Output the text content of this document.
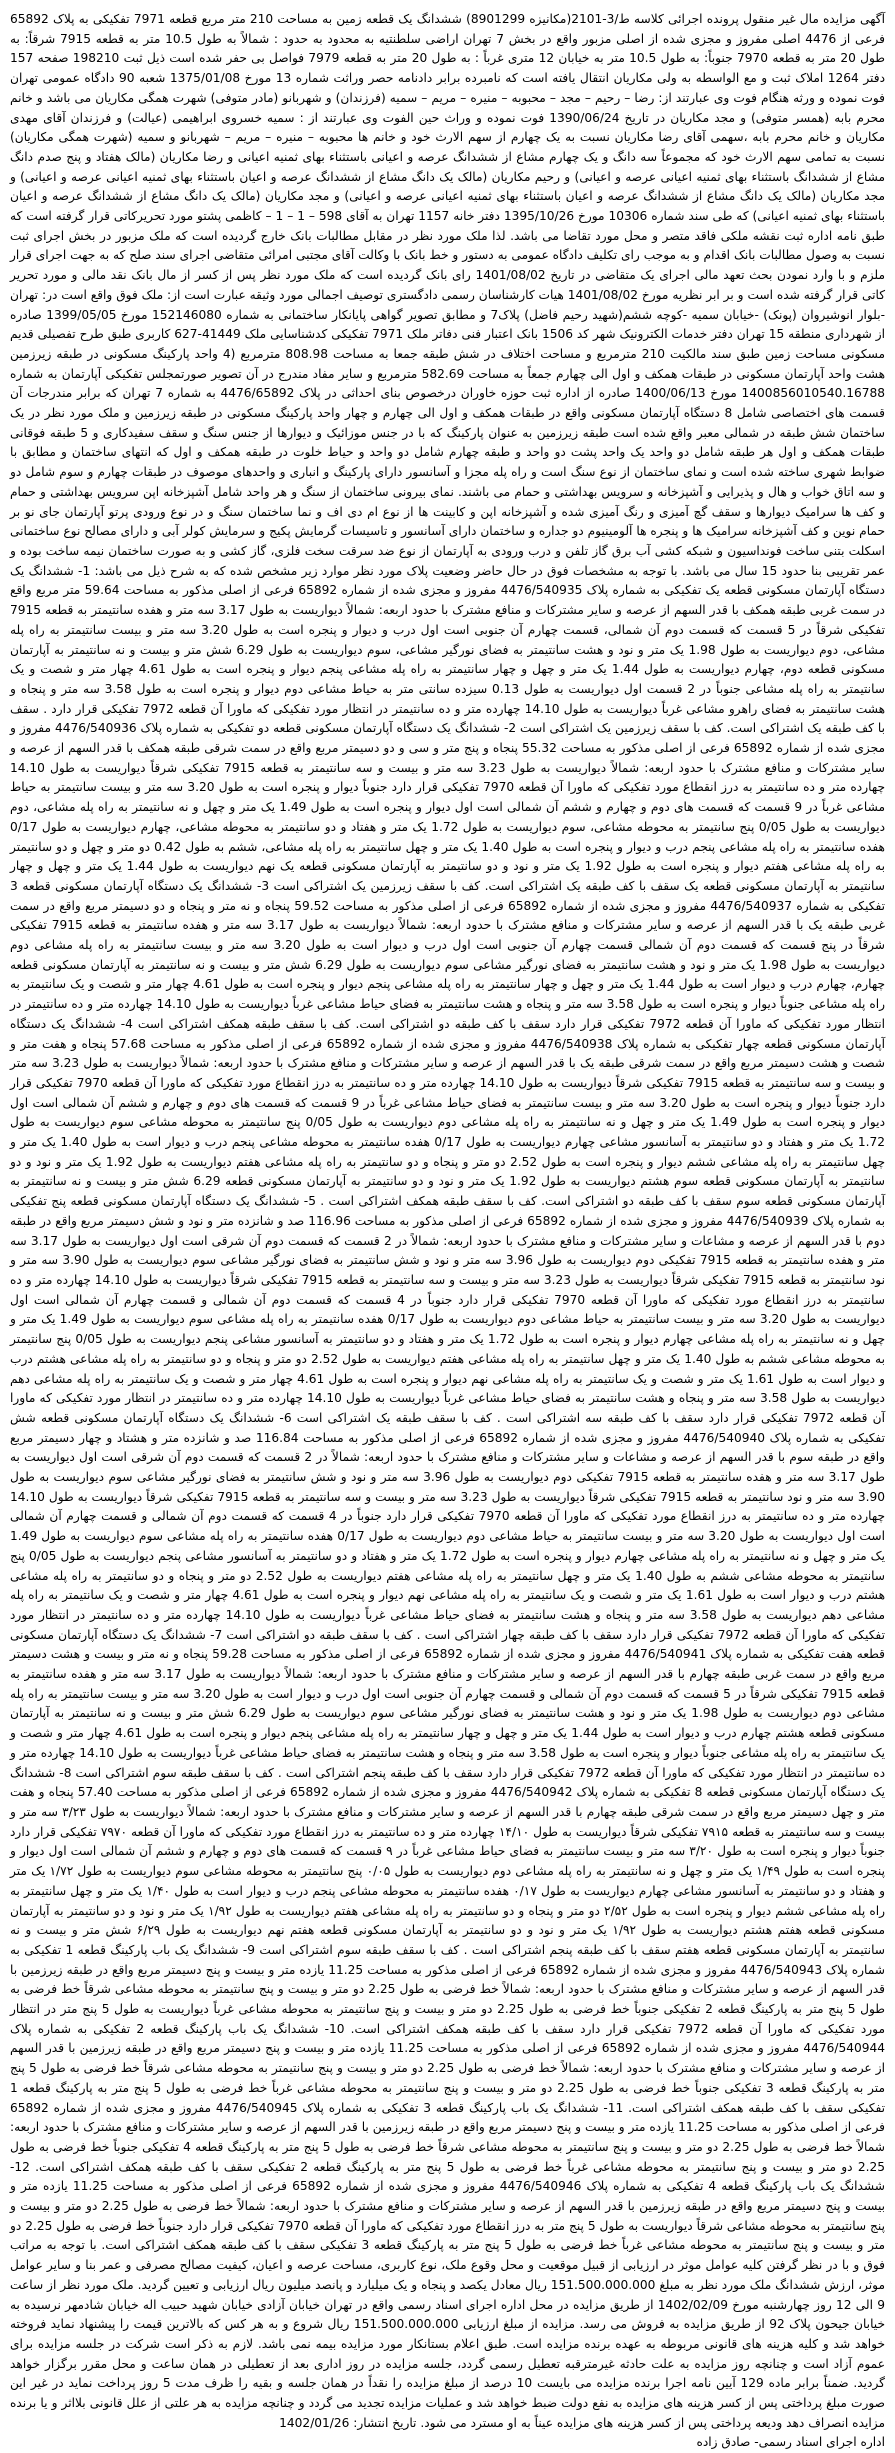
آگهی مزایده مال غیر منقول پرونده اجرائی کلاسه ط/3-2101(مکانیزه 8901299) ششدانگ یک قطعه زمین به مساحت 210 متر مربع قطعه 7971 تفکیکی به پلاک 65892 فرعی از 4476 اصلی مفروز و مجزی شده از اصلی مزبور واقع در بخش 7 تهران اراضی سلطنتیه به محدود به حدود : شمالاً به طول 10.5 متر به قطعه 7915 شرقاً: به طول 20 متر به قطعه 7970 جنوباً: به طول 10.5 متر به خیابان 12 متری غرباً : به طول 20 متر به قطعه 7979 فواصل بی حفر شده است ذیل ثبت 198210 صفحه 157 دفتر 1264 املاک ثبت و مع الواسطه به ولی مکاریان انتقال یافته است که نامبرده برابر دادنامه حصر وراثت شماره 13 مورخ 1375/01/08 شعبه 90 دادگاه عمومی تهران فوت نموده و ورثه هنگام فوت وی عبارتند از: رضا – رحیم – مجد – محبوبه – منیره – مریم – سمیه (فرزندان) و شهربانو (مادر متوفی) شهرت همگی مکاریان می باشد و خانم محرم بابه (همسر متوفی) و مجد مکاریان در تاریخ 1390/06/24 فوت نموده و وراث حین الفوت وی عبارتند از : سمیه خسروی ابراهیمی (عیالت) و فرزندان آقای مهدی مکاریان و خانم محرم بابه ،سهمی آقای رضا مکاریان نسبت به یک چهارم از سهم الارث خود و خانم ها محبوبه – منیره – مریم – شهربانو و سمیه (شهرت همگی مکاریان) نسبت به تمامی سهم الارث خود که مجموعاً سه دانگ و یک چهارم مشاع از ششدانگ عرصه و اعیانی باستثناء بهای ثمنیه اعیانی و رضا مکاریان (مالک هفتاد و پنج صدم دانگ مشاع از ششدانگ باستثناء بهای ثمنیه اعیانی عرصه و اعیانی) و رحیم مکاریان (مالک یک دانگ مشاع از ششدانگ عرصه و اعیان باستثناء بهای ثمنیه اعیانی عرصه و اعیانی) و مجد مکاریان (مالک یک دانگ مشاع از ششدانگ عرصه و اعیان باستثناء بهای ثمنیه اعیانی عرصه و اعیانی) و مجد مکاریان (مالک یک دانگ مشاع از ششدانگ عرصه و اعیان باستثناء بهای ثمنیه اعیانی) که طی سند شماره 10306 مورخ 1395/10/26 دفتر خانه 1157 تهران به آقای 598 – 1 – 1 – کاظمی پشتو مورد تحریرکاتی قرار گرفته است که طبق نامه اداره ثبت نقشه ملکی فاقد متصر و محل مورد تقاضا می باشد. لذا ملک مورد نظر در مقابل مطالبات بانک خارج گردیده است که ملک مزبور در بخش اجرای ثبت نسبت به وصول مطالبات بانک اقدام و به موجب رای تکلیف دادگاه عمومی به دستور و خط بانک با وکالت آقای مجتبی امرائی متقاضی اجرای سند صلح که به جهت اجرای قرار ملزم و با وارد نمودن بحث تعهد مالی اجرای یک متقاضی در تاریخ 1401/08/02 رای بانک گردیده است که ملک مورد نظر پس از کسر از مال بانک نقد مالی و مورد تحریر کاتی قرار گرفته شده است و بر ابر نظریه مورخ 1401/08/02 هیات کارشناسان رسمی دادگستری توصیف اجمالی مورد وثیقه عبارت است از: ملک فوق واقع است در: تهران -بلوار انوشیروان (پونک) -خیابان سمیه -کوچه ششم(شهید رحیم فاضل) پلاک7 و مطابق تصویر گواهی پایانکار ساختمانی به شماره 152146080 مورخ 1399/05/05 صادره از شهرداری منطقه 15 تهران دفتر خدمات الکترونیک شهر کد 1506 بانک اعتبار فنی دفاتر ملک 7971 تفکیکی کدشناسایی ملک 41449-627 کاربری طبق طرح تفصیلی قدیم مسکونی مساحت زمین طبق سند مالکیت 210 مترمربع و مساحت اختلاف در شش طبقه جمعا به مساحت 808.98 مترمربع (4 واحد پارکینگ مسکونی در طبقه زیرزمین هشت واحد آپارتمان مسکونی در طبقات همکف و اول الی چهارم جمعاً به مساحت 582.69 مترمربع و سایر مفاد مندرج در آن تصویر صورتمجلس تفکیکی آپارتمان به شماره 1400856010540.16788 مورخ 1400/06/13 صادره از اداره ثبت حوزه خاوران درخصوص بنای احداثی در پلاک 4476/65892 به شماره 7 تهران که برابر مندرجات آن قسمت های اختصاصی شامل 8 دستگاه آپارتمان مسکونی واقع در طبقات همکف و اول الی چهارم و چهار واحد پارکینگ مسکونی در طبقه زیرزمین و ملک مورد نظر در یک ساختمان شش طبقه در شمالی معبر واقع شده است طبقه زیرزمین به عنوان پارکینگ که با در جنس موزائیک و دیوارها از جنس سنگ و سقف سفیدکاری و 5 طبقه فوقانی طبقات همکف و اول هر طبقه شامل دو واحد یک واحد پشت دو واحد و طبقه چهارم شامل دو واحد و حیاط خلوت در طبقه همکف و اول که انتهای ساختمان و مطابق با ضوابط شهری ساخته شده است و نمای ساختمان از نوع سنگ است و راه پله مجزا و آسانسور دارای پارکینگ و انباری و واحدهای موصوف در طبقات چهارم و سوم شامل دو و سه اتاق خواب و هال و پذیرایی و آشپزخانه و سرویس بهداشتی و حمام می باشند. نمای بیرونی ساختمان از سنگ و هر واحد شامل آشپزخانه اپن سرویس بهداشتی و حمام و کف ها سرامیک دیوارها و سقف گچ آمیزی و رنگ آمیزی شده و آشپزخانه اپن و کابینت ها از نوع ام دی اف و نما ساختمان سنگ و در نوع ورودی پرتو آپارتمان جای نو بر حمام نوین و کف آشپزخانه سرامیک ها و پنجره ها آلومینیوم دو جداره و ساختمان دارای آسانسور و تاسیسات گرمایش پکیج و سرمایش کولر آبی و دارای مصالح نوع ساختمانی اسکلت بتنی ساخت فونداسیون و شبکه کشی آب برق گاز تلفن و درب ورودی به آپارتمان از نوع ضد سرقت سخت فلزی، گاز کشی و به صورت ساختمان نیمه ساخت بوده و عمر تقریبی بنا حدود 15 سال می باشد. با توجه به مشخصات فوق در حال حاضر وضعیت پلاک مورد نظر موارد زیر مشخص شده که به شرح ذیل می باشد: 1- ششدانگ یک دستگاه آپارتمان مسکونی قطعه یک تفکیکی به شماره پلاک 4476/540935 مفروز و مجزی شده از شماره 65892 فرعی از اصلی مذکور به مساحت 59.64 متر مربع واقع در سمت غربی طبقه همکف با قدر السهم از عرصه و سایر مشترکات و منافع مشترک با حدود اربعه: شمالاً دیواریست به طول 3.17 سه متر و هفده سانتیمتر به قطعه 7915 تفکیکی شرقاً در 5 قسمت که قسمت دوم آن شمالی، قسمت چهارم آن جنوبی است اول درب و دیوار و پنجره است به طول 3.20 سه متر و بیست سانتیمتر به راه پله مشاعی، دوم دیواریست به طول 1.98 یک متر و نود و هشت سانتیمتر به فضای نورگیر مشاعی، سوم دیواریست به طول 6.29 شش متر و بیست و نه سانتیمتر به آپارتمان مسکونی قطعه دوم، چهارم دیواریست به طول 1.44 یک متر و چهل و چهار سانتیمتر به راه پله مشاعی پنجم دیوار و پنجره است به طول 4.61 چهار متر و شصت و یک سانتیمتر به راه پله مشاعی جنوباً در 2 قسمت اول دیواریست به طول 0.13 سیزده سانتی متر به حیاط مشاعی دوم دیوار و پنجره است به طول 3.58 سه متر و پنجاه و هشت سانتیمتر به فضای راهرو مشاعی غرباً دیواریست به طول 14.10 چهارده متر و ده سانتیمتر در انتظار مورد تفکیکی که ماورا آن قطعه 7972 تفکیکی قرار دارد . سقف با کف طبقه یک اشتراکی است. کف با سقف زیرزمین یک اشتراکی است 2- ششدانگ یک دستگاه آپارتمان مسکونی قطعه دو تفکیکی به شماره پلاک 4476/540936 مفروز و مجزی شده از شماره 65892 فرعی از اصلی مذکور به مساحت 55.32 پنجاه و پنج متر و سی و دو دسیمتر مربع واقع در سمت شرقی طبقه همکف با قدر السهم از عرصه و سایر مشترکات و منافع مشترک با حدود اربعه: شمالاً دیواریست به طول 3.23 سه متر و بیست و سه سانتیمتر به قطعه 7915 تفکیکی شرقاً دیواریست به طول 14.10 چهارده متر و ده سانتیمتر به درز انقطاع مورد تفکیکی که ماورا آن قطعه 7970 تفکیکی قرار دارد جنوباً دیوار و پنجره است به طول 3.20 سه متر و بیست سانتیمتر به حیاط مشاعی غرباً در 9 قسمت که قسمت های دوم و چهارم و ششم آن شمالی است اول دیوار و پنجره است به طول 1.49 یک متر و چهل و نه سانتیمتر به راه پله مشاعی، دوم دیواریست به طول 0/05 پنج سانتیمتر به محوطه مشاعی، سوم دیواریست به طول 1.72 یک متر و هفتاد و دو سانتیمتر به محوطه مشاعی، چهارم دیواریست به طول 0/17 هفده سانتیمتر به راه پله مشاعی پنجم درب و دیوار و پنجره است به طول 1.40 یک متر و چهل سانتیمتر به راه پله مشاعی، ششم به طول 0.42 دو متر و چهل و دو سانتیمتر به راه پله مشاعی هفتم دیوار و پنجره است به طول 1.92 یک متر و نود و دو سانتیمتر به آپارتمان مسکونی قطعه یک نهم دیواریست به طول 1.44 یک متر و چهل و چهار سانتیمتر به آپارتمان مسکونی قطعه یک سقف با کف طبقه یک اشتراکی است. کف با سقف زیرزمین یک اشتراکی است 3- ششدانگ یک دستگاه آپارتمان مسکونی قطعه 3 تفکیکی به شماره 4476/540937 مفروز و مجزی شده از شماره 65892 فرعی از اصلی مذکور به مساحت 59.52 پنجاه و نه متر و پنجاه و دو دسیمتر مربع واقع در سمت غربی طبقه یک با قدر السهم از عرصه و سایر مشترکات و منافع مشترک با حدود اربعه: شمالاً دیواریست به طول 3.17 سه متر و هفده سانتیمتر به قطعه 7915 تفکیکی شرقاً در پنج قسمت که قسمت دوم آن شمالی قسمت چهارم آن جنوبی است اول درب و دیوار است به طول 3.20 سه متر و بیست سانتیمتر به راه پله مشاعی دوم دیواریست به طول 1.98 یک متر و نود و هشت سانتیمتر به فضای نورگیر مشاعی سوم دیواریست به طول 6.29 شش متر و بیست و نه سانتیمتر به آپارتمان مسکونی قطعه چهارم، چهارم درب و دیوار است به طول 1.44 یک متر و چهل و چهار سانتیمتر به راه پله مشاعی پنجم دیوار و پنجره است به طول 4.61 چهار متر و شصت و یک سانتیمتر به راه پله مشاعی جنوباً دیوار و پنجره است به طول 3.58 سه متر و پنجاه و هشت سانتیمتر به فضای حیاط مشاعی غرباً دیواریست به طول 14.10 چهارده متر و ده سانتیمتر در انتظار مورد تفکیکی که ماورا آن قطعه 7972 تفکیکی قرار دارد سقف با کف طبقه دو اشتراکی است. کف با سقف طبقه همکف اشتراکی است 4- ششدانگ یک دستگاه آپارتمان مسکونی قطعه چهار تفکیکی به شماره پلاک 4476/540938 مفروز و مجزی شده از شماره 65892 فرعی از اصلی مذکور به مساحت 57.68 پنجاه و هفت متر و شصت و هشت دسیمتر مربع واقع در سمت شرقی طبقه یک با قدر السهم از عرصه و سایر مشترکات و منافع مشترک با حدود اربعه: شمالاً دیواریست به طول 3.23 سه متر و بیست و سه سانتیمتر به قطعه 7915 تفکیکی شرقاً دیواریست به طول 14.10 چهارده متر و ده سانتیمتر به درز انقطاع مورد تفکیکی که ماورا آن قطعه 7970 تفکیکی قرار دارد جنوباً دیوار و پنجره است به طول 3.20 سه متر و بیست سانتیمتر به فضای حیاط مشاعی غرباً در 9 قسمت که قسمت های دوم و چهارم و ششم آن شمالی است اول دیوار و پنجره است به طول 1.49 یک متر و چهل و نه سانتیمتر به راه پله مشاعی دوم دیواریست به طول 0/05 پنج سانتیمتر به محوطه مشاعی سوم دیواریست به طول 1.72 یک متر و هفتاد و دو سانتیمتر به آسانسور مشاعی چهارم دیواریست به طول 0/17 هفده سانتیمتر به محوطه مشاعی پنجم درب و دیوار است به طول 1.40 یک متر و چهل سانتیمتر به راه پله مشاعی ششم دیوار و پنجره است به طول 2.52 دو متر و پنجاه و دو سانتیمتر به راه پله مشاعی هفتم دیواریست به طول 1.92 یک متر و نود و دو سانتیمتر به آپارتمان مسکونی قطعه سوم هشتم دیواریست به طول 1.92 یک متر و نود و دو سانتیمتر به آپارتمان مسکونی قطعه 6.29 شش متر و بیست و نه سانتیمتر به آپارتمان مسکونی قطعه سوم سقف با کف طبقه دو اشتراکی است. کف با سقف طبقه همکف اشتراکی است . 5- ششدانگ یک دستگاه آپارتمان مسکونی قطعه پنج تفکیکی به شماره پلاک 4476/540939 مفروز و مجزی شده از شماره 65892 فرعی از اصلی مذکور به مساحت 116.96 صد و شانزده متر و نود و شش دسیمتر مربع واقع در طبقه دوم با قدر السهم از عرصه و مشاعات و سایر مشترکات و منافع مشترک با حدود اربعه: شمالاً در 2 قسمت که قسمت دوم آن شرقی است اول دیواریست به طول 3.17 سه متر و هفده سانتیمتر به قطعه 7915 تفکیکی دوم دیواریست به طول 3.96 سه متر و نود و شش سانتیمتر به فضای نورگیر مشاعی سوم دیواریست به طول 3.90 سه متر و نود سانتیمتر به قطعه 7915 تفکیکی شرقاً دیواریست به طول 3.23 سه متر و بیست و سه سانتیمتر به قطعه 7915 تفکیکی شرقاً دیواریست به طول 14.10 چهارده متر و ده سانتیمتر به درز انقطاع مورد تفکیکی که ماورا آن قطعه 7970 تفکیکی قرار دارد جنوباً در 4 قسمت که قسمت دوم آن شمالی و قسمت چهارم آن شمالی است اول دیواریست به طول 3.20 سه متر و بیست سانتیمتر به حیاط مشاعی دوم دیواریست به طول 0/17 هفده سانتیمتر به راه پله مشاعی سوم دیواریست به طول 1.49 یک متر و چهل و نه سانتیمتر به راه پله مشاعی چهارم دیوار و پنجره است به طول 1.72 یک متر و هفتاد و دو سانتیمتر به آسانسور مشاعی پنجم دیواریست به طول 0/05 پنج سانتیمتر به محوطه مشاعی ششم به طول 1.40 یک متر و چهل سانتیمتر به راه پله مشاعی هفتم دیواریست به طول 2.52 دو متر و پنجاه و دو سانتیمتر به راه پله مشاعی هشتم درب و دیوار است به طول 1.61 یک متر و شصت و یک سانتیمتر به راه پله مشاعی نهم دیوار و پنجره است به طول 4.61 چهار متر و شصت و یک سانتیمتر به راه پله مشاعی دهم دیواریست به طول 3.58 سه متر و پنجاه و هشت سانتیمتر به فضای حیاط مشاعی غرباً دیواریست به طول 14.10 چهارده متر و ده سانتیمتر در انتظار مورد تفکیکی که ماورا آن قطعه 7972 تفکیکی قرار دارد سقف با کف طبقه سه اشتراکی است . کف با سقف طبقه یک اشتراکی است 6- ششدانگ یک دستگاه آپارتمان مسکونی قطعه شش تفکیکی به شماره پلاک 4476/540940 مفروز و مجزی شده از شماره 65892 فرعی از اصلی مذکور به مساحت 116.84 صد و شانزده متر و هشتاد و چهار دسیمتر مربع واقع در طبقه سوم با قدر السهم از عرصه و مشاعات و سایر مشترکات و منافع مشترک با حدود اربعه: شمالاً در 2 قسمت که قسمت دوم آن شرقی است اول دیواریست به طول 3.17 سه متر و هفده سانتیمتر به قطعه 7915 تفکیکی دوم دیواریست به طول 3.96 سه متر و نود و شش سانتیمتر به فضای نورگیر مشاعی سوم دیواریست به طول 3.90 سه متر و نود سانتیمتر به قطعه 7915 تفکیکی شرقاً دیواریست به طول 3.23 سه متر و بیست و سه سانتیمتر به قطعه 7915 تفکیکی شرقاً دیواریست به طول 14.10 چهارده متر و ده سانتیمتر به درز انقطاع مورد تفکیکی که ماورا آن قطعه 7970 تفکیکی قرار دارد جنوباً در 4 قسمت که قسمت دوم آن شمالی و قسمت چهارم آن شمالی است اول دیواریست به طول 3.20 سه متر و بیست سانتیمتر به حیاط مشاعی دوم دیواریست به طول 0/17 هفده سانتیمتر به راه پله مشاعی سوم دیواریست به طول 1.49 یک متر و چهل و نه سانتیمتر به راه پله مشاعی چهارم دیوار و پنجره است به طول 1.72 یک متر و هفتاد و دو سانتیمتر به آسانسور مشاعی پنجم دیواریست به طول 0/05 پنج سانتیمتر به محوطه مشاعی ششم به طول 1.40 یک متر و چهل سانتیمتر به راه پله مشاعی هفتم دیواریست به طول 2.52 دو متر و پنجاه و دو سانتیمتر به راه پله مشاعی هشتم درب و دیوار است به طول 1.61 یک متر و شصت و یک سانتیمتر به راه پله مشاعی نهم دیوار و پنجره است به طول 4.61 چهار متر و شصت و یک سانتیمتر به راه پله مشاعی دهم دیواریست به طول 3.58 سه متر و پنجاه و هشت سانتیمتر به فضای حیاط مشاعی غرباً دیواریست به طول 14.10 چهارده متر و ده سانتیمتر در انتظار مورد تفکیکی که ماورا آن قطعه 7972 تفکیکی قرار دارد سقف با کف طبقه چهار اشتراکی است . کف با سقف طبقه دو اشتراکی است 7- ششدانگ یک دستگاه آپارتمان مسکونی قطعه هفت تفکیکی به شماره پلاک 4476/540941 مفروز و مجزی شده از شماره 65892 فرعی از اصلی مذکور به مساحت 59.28 پنجاه و نه متر و بیست و هشت دسیمتر مربع واقع در سمت غربی طبقه چهارم با قدر السهم از عرصه و سایر مشترکات و منافع مشترک با حدود اربعه: شمالاً دیواریست به طول 3.17 سه متر و هفده سانتیمتر به قطعه 7915 تفکیکی شرقاً در 5 قسمت که قسمت دوم آن شمالی و قسمت چهارم آن جنوبی است اول درب و دیوار است به طول 3.20 سه متر و بیست سانتیمتر به راه پله مشاعی دوم دیواریست به طول 1.98 یک متر و نود و هشت سانتیمتر به فضای نورگیر مشاعی سوم دیواریست به طول 6.29 شش متر و بیست و نه سانتیمتر به آپارتمان مسکونی قطعه هشتم چهارم درب و دیوار است به طول 1.44 یک متر و چهل و چهار سانتیمتر به راه پله مشاعی پنجم دیوار و پنجره است به طول 4.61 چهار متر و شصت و یک سانتیمتر به راه پله مشاعی جنوباً دیوار و پنجره است به طول 3.58 سه متر و پنجاه و هشت سانتیمتر به فضای حیاط مشاعی غرباً دیواریست به طول 14.10 چهارده متر و ده سانتیمتر در انتظار مورد تفکیکی که ماورا آن قطعه 7972 تفکیکی قرار دارد سقف با کف طبقه پنجم اشتراکی است . کف با سقف طبقه سوم اشتراکی است 8- ششدانگ یک دستگاه آپارتمان مسکونی قطعه 8 تفکیکی به شماره پلاک 4476/540942 مفروز و مجزی شده از شماره 65892 فرعی از اصلی مذکور به مساحت 57.40 پنجاه و هفت متر و چهل دسیمتر مربع واقع در سمت شرقی طبقه چهارم با قدر السهم از عرصه و سایر مشترکات و منافع مشترک با حدود اربعه: شمالاً دیواریست به طول ۳/۲۳ سه متر و بیست و سه سانتیمتر به قطعه ۷۹۱۵ تفکیکی شرقاً دیواریست به طول ۱۴/۱۰ چهارده متر و ده سانتیمتر به درز انقطاع مورد تفکیکی که ماورا آن قطعه ۷۹۷۰ تفکیکی قرار دارد جنوباً دیوار و پنجره است به طول ۳/۲۰ سه متر و بیست سانتیمتر به فضای حیاط مشاعی غرباً در ۹ قسمت که قسمت های دوم و چهارم و ششم آن شمالی است اول دیوار و پنجره است به طول ۱/۴۹ یک متر و چهل و نه سانتیمتر به راه پله مشاعی دوم دیواریست به طول ۰/۰۵ پنج سانتیمتر به محوطه مشاعی سوم دیواریست به طول ۱/۷۲ یک متر و هفتاد و دو سانتیمتر به آسانسور مشاعی چهارم دیواریست به طول ۰/۱۷ هفده سانتیمتر به محوطه مشاعی پنجم درب و دیوار است به طول ۱/۴۰ یک متر و چهل سانتیمتر به راه پله مشاعی ششم دیوار و پنجره است به طول ۲/۵۲ دو متر و پنجاه و دو سانتیمتر به راه پله مشاعی هفتم دیواریست به طول ۱/۹۲ یک متر و نود و دو سانتیمتر به آپارتمان مسکونی قطعه هفتم هشتم دیواریست به طول ۱/۹۲ یک متر و نود و دو سانتیمتر به آپارتمان مسکونی قطعه هفتم نهم دیواریست به طول ۶/۲۹ شش متر و بیست و نه سانتیمتر به آپارتمان مسکونی قطعه هفتم سقف با کف طبقه پنجم اشتراکی است . کف با سقف طبقه سوم اشتراکی است 9- ششدانگ یک باب پارکینگ قطعه 1 تفکیکی به شماره پلاک 4476/540943 مفروز و مجزی شده از شماره 65892 فرعی از اصلی مذکور به مساحت 11.25 یازده متر و بیست و پنج دسیمتر مربع واقع در طبقه زیرزمین با قدر السهم از عرصه و سایر مشترکات و منافع مشترک با حدود اربعه: شمالاً خط فرضی به طول 2.25 دو متر و بیست و پنج سانتیمتر به محوطه مشاعی شرقاً خط فرضی به طول 5 پنج متر به پارکینگ قطعه 2 تفکیکی جنوباً خط فرضی به طول 2.25 دو متر و بیست و پنج سانتیمتر به محوطه مشاعی غرباً دیواریست به طول 5 پنج متر در انتظار مورد تفکیکی که ماورا آن قطعه 7972 تفکیکی قرار دارد سقف با کف طبقه همکف اشتراکی است. 10- ششدانگ یک باب پارکینگ قطعه 2 تفکیکی به شماره پلاک 4476/540944 مفروز و مجزی شده از شماره 65892 فرعی از اصلی مذکور به مساحت 11.25 یازده متر و بیست و پنج دسیمتر مربع واقع در طبقه زیرزمین با قدر السهم از عرصه و سایر مشترکات و منافع مشترک با حدود اربعه: شمالاً خط فرضی به طول 2.25 دو متر و بیست و پنج سانتیمتر به محوطه مشاعی شرقاً خط فرضی به طول 5 پنج متر به پارکینگ قطعه 3 تفکیکی جنوباً خط فرضی به طول 2.25 دو متر و بیست و پنج سانتیمتر به محوطه مشاعی غرباً خط فرضی به طول 5 پنج متر به پارکینگ قطعه 1 تفکیکی سقف با کف طبقه همکف اشتراکی است. 11- ششدانگ یک باب پارکینگ قطعه 3 تفکیکی به شماره پلاک 4476/540945 مفروز و مجزی شده از شماره 65892 فرعی از اصلی مذکور به مساحت 11.25 یازده متر و بیست و پنج دسیمتر مربع واقع در طبقه زیرزمین با قدر السهم از عرصه و سایر مشترکات و منافع مشترک با حدود اربعه: شمالاً خط فرضی به طول 2.25 دو متر و بیست و پنج سانتیمتر به محوطه مشاعی شرقاً خط فرضی به طول 5 پنج متر به پارکینگ قطعه 4 تفکیکی جنوباً خط فرضی به طول 2.25 دو متر و بیست و پنج سانتیمتر به محوطه مشاعی غرباً خط فرضی به طول 5 پنج متر به پارکینگ قطعه 2 تفکیکی سقف با کف طبقه همکف اشتراکی است. 12- ششدانگ یک باب پارکینگ قطعه 4 تفکیکی به شماره پلاک 4476/540946 مفروز و مجزی شده از شماره 65892 فرعی از اصلی مذکور به مساحت 11.25 یازده متر و بیست و پنج دسیمتر مربع واقع در طبقه زیرزمین با قدر السهم از عرصه و سایر مشترکات و منافع مشترک با حدود اربعه: شمالاً خط فرضی به طول 2.25 دو متر و بیست و پنج سانتیمتر به محوطه مشاعی شرقاً دیواریست به طول 5 پنج متر به درز انقطاع مورد تفکیکی که ماورا آن قطعه 7970 تفکیکی قرار دارد جنوباً خط فرضی به طول 2.25 دو متر و بیست و پنج سانتیمتر به محوطه مشاعی غرباً خط فرضی به طول 5 پنج متر به پارکینگ قطعه 3 تفکیکی سقف با کف طبقه همکف اشتراکی است. با توجه به مراتب فوق و با در نظر گرفتن کلیه عوامل موثر در ارزیابی از قبیل موقعیت و محل وقوع ملک، نوع کاربری، مساحت عرصه و اعیان، کیفیت مصالح مصرفی و عمر بنا و سایر عوامل موثر، ارزش ششدانگ ملک مورد نظر به مبلغ 151.500.000.000 ریال معادل یکصد و پنجاه و یک میلیارد و پانصد میلیون ریال ارزیابی و تعیین گردید. ملک مورد نظر از ساعت 9 الی 12 روز چهارشنبه مورخ 1402/02/09 از طریق مزایده در محل اداره اجرای اسناد رسمی واقع در تهران خیابان آزادی خیابان شهید حبیب اله خیابان شادمهر نرسیده به خیابان جیحون پلاک 92 از طریق مزایده به فروش می رسد. مزایده از مبلغ ارزیابی 151.500.000.000 ریال شروع و به هر کس که بالاترین قیمت را پیشنهاد نماید فروخته خواهد شد و کلیه هزینه های قانونی مربوطه به عهده برنده مزایده است. طبق اعلام بستانکار مورد مزایده بیمه نمی باشد. لازم به ذکر است شرکت در جلسه مزایده برای عموم آزاد است و چنانچه روز مزایده به علت حادثه غیرمترقبه تعطیل رسمی گردد، جلسه مزایده در روز اداری بعد از تعطیلی در همان ساعت و محل مقرر برگزار خواهد گردید. ضمناً برابر ماده 129 آیین نامه اجرا برنده مزایده می بایست 10 درصد از مبلغ مزایده را نقداً در همان جلسه و بقیه را ظرف مدت 5 روز پرداخت نماید در غیر این صورت مبلغ پرداختی پس از کسر هزینه های مزایده به نفع دولت ضبط خواهد شد و عملیات مزایده تجدید می گردد و چنانچه مزایده به هر علتی از علل قانونی بلااثر و یا برنده مزایده انصراف دهد ودیعه پرداختی پس از کسر هزینه های مزایده عیناً به او مسترد می شود. تاریخ انتشار: 1402/01/26

اداره اجرای اسناد رسمی- صادق زاده
